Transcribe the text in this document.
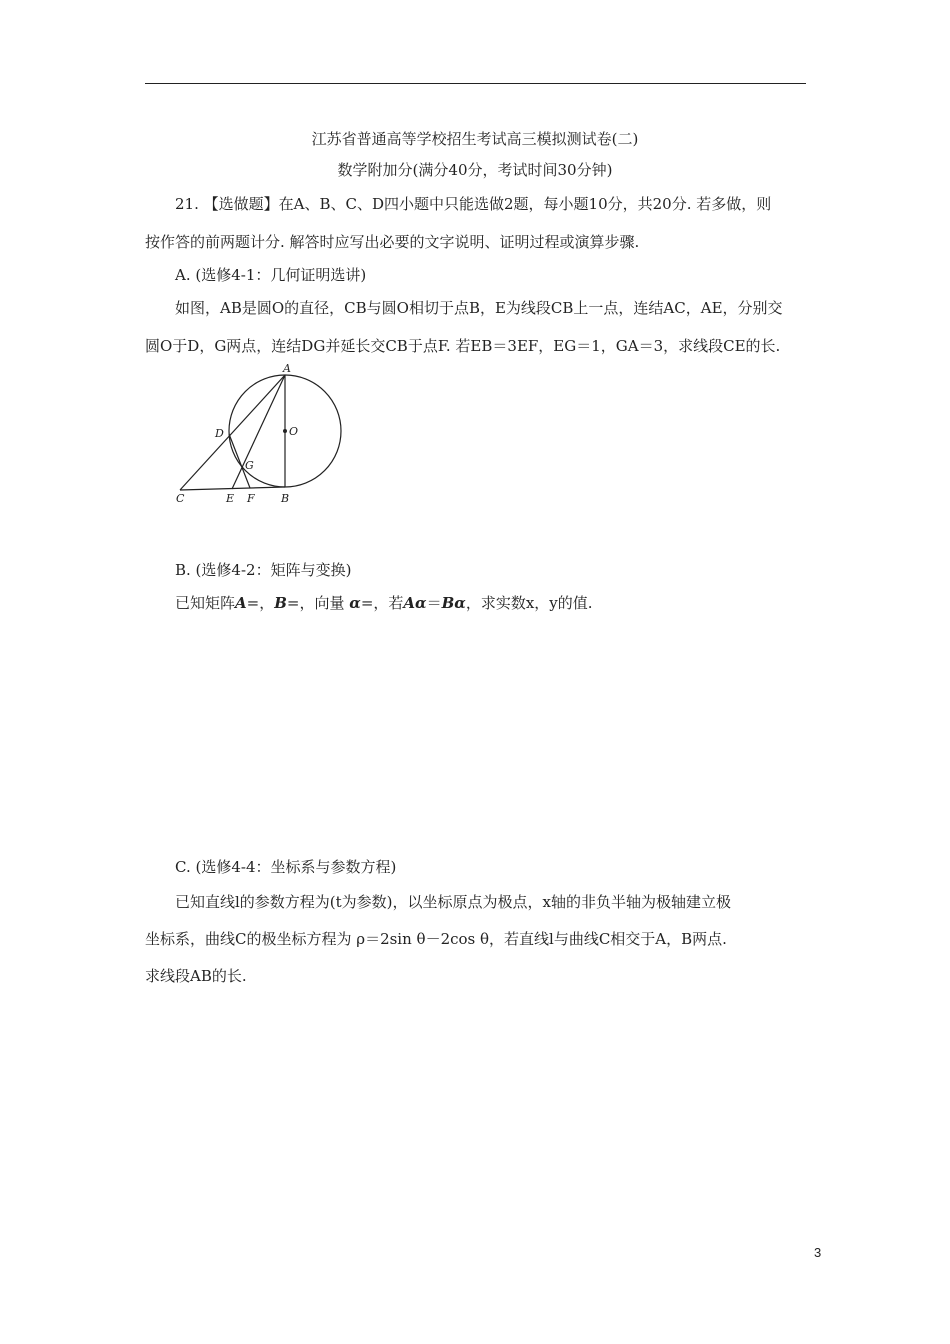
江苏省普通高等学校招生考试高三模拟测试卷(二)
数学附加分(满分40分，考试时间30分钟)
21. 【选做题】在A、B、C、D四小题中只能选做2题，每小题10分，共20分. 若多做，则
按作答的前两题计分. 解答时应写出必要的文字说明、证明过程或演算步骤.
A. (选修4-1：几何证明选讲)
如图，AB是圆O的直径，CB与圆O相切于点B，E为线段CB上一点，连结AC，AE，分别交
圆O于D，G两点，连结DG并延长交CB于点F. 若EB＝3EF，EG＝1，GA＝3，求线段CE的长.
A
O
D
G
C	E F B
B. (选修4-2：矩阵与变换)
已知矩阵A=，B=，向量 α=，若Aα＝Bα，求实数x，y的值.
C. (选修4-4：坐标系与参数方程)
已知直线l的参数方程为(t为参数)，以坐标原点为极点，x轴的非负半轴为极轴建立极
坐标系，曲线C的极坐标方程为 ρ＝2sin θ－2cos θ，若直线l与曲线C相交于A，B两点.
求线段AB的长.
3
